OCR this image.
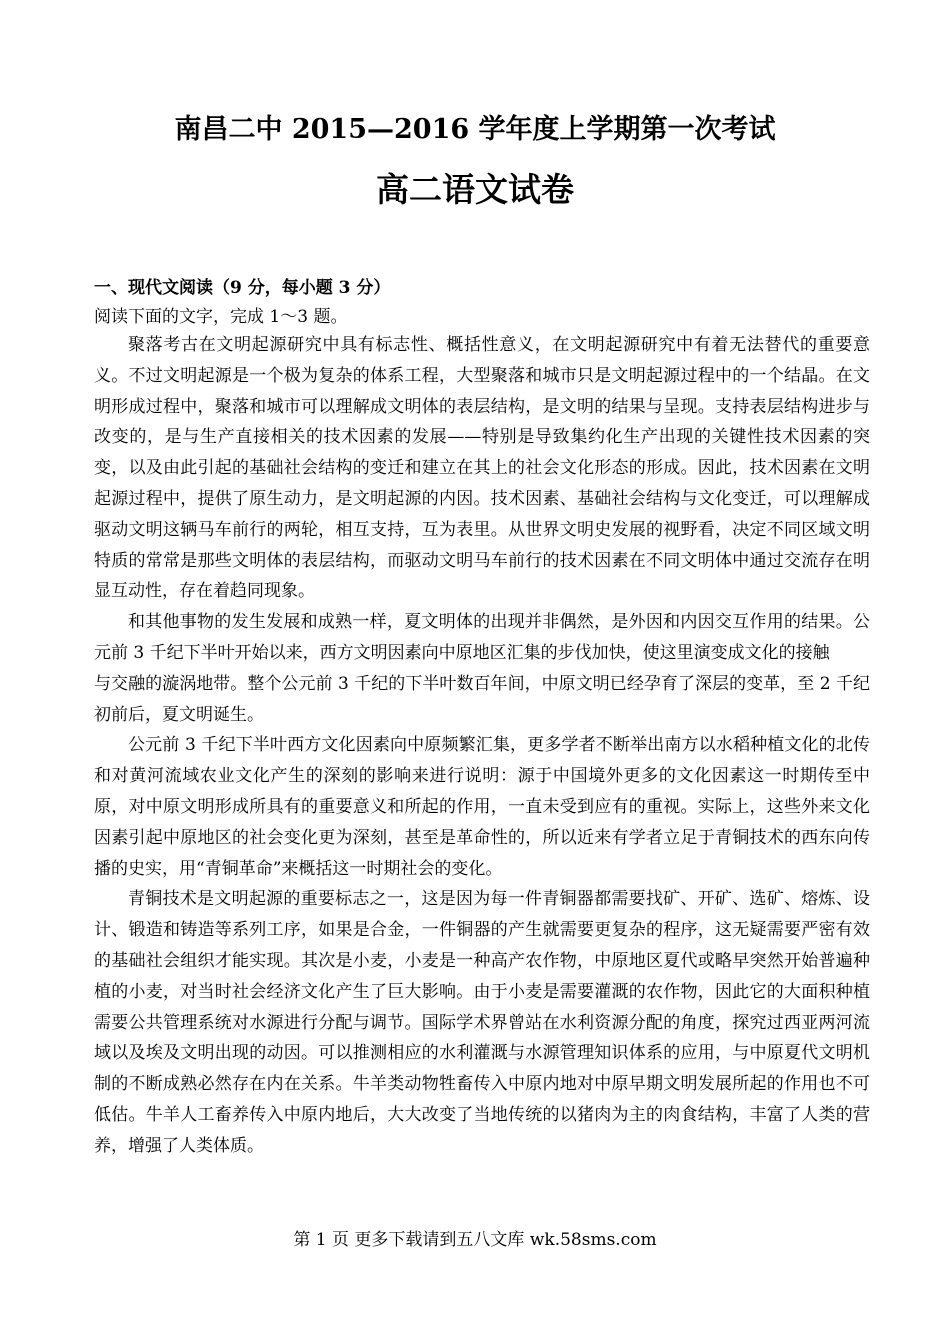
南昌二中 2015—2016 学年度上学期第一次考试
高二语文试卷
一、现代文阅读（9 分，每小题 3 分）
阅读下面的文字，完成 1～3 题。

聚落考古在文明起源研究中具有标志性、概括性意义，在文明起源研究中有着无法替代的重要意义。不过文明起源是一个极为复杂的体系工程，大型聚落和城市只是文明起源过程中的一个结晶。在文明形成过程中，聚落和城市可以理解成文明体的表层结构，是文明的结果与呈现。支持表层结构进步与改变的，是与生产直接相关的技术因素的发展——特别是导致集约化生产出现的关键性技术因素的突变，以及由此引起的基础社会结构的变迁和建立在其上的社会文化形态的形成。因此，技术因素在文明起源过程中，提供了原生动力，是文明起源的内因。技术因素、基础社会结构与文化变迁，可以理解成驱动文明这辆马车前行的两轮，相互支持，互为表里。从世界文明史发展的视野看，决定不同区域文明特质的常常是那些文明体的表层结构，而驱动文明马车前行的技术因素在不同文明体中通过交流存在明显互动性，存在着趋同现象。

和其他事物的发生发展和成熟一样，夏文明体的出现并非偶然，是外因和内因交互作用的结果。公元前 3 千纪下半叶开始以来，西方文明因素向中原地区汇集的步伐加快，使这里演变成文化的接触

与交融的漩涡地带。整个公元前 3 千纪的下半叶数百年间，中原文明已经孕育了深层的变革，至 2 千纪初前后，夏文明诞生。

公元前 3 千纪下半叶西方文化因素向中原频繁汇集，更多学者不断举出南方以水稻种植文化的北传和对黄河流域农业文化产生的深刻的影响来进行说明：源于中国境外更多的文化因素这一时期传至中原，对中原文明形成所具有的重要意义和所起的作用，一直未受到应有的重视。实际上，这些外来文化因素引起中原地区的社会变化更为深刻，甚至是革命性的，所以近来有学者立足于青铜技术的西东向传播的史实，用“青铜革命”来概括这一时期社会的变化。

青铜技术是文明起源的重要标志之一，这是因为每一件青铜器都需要找矿、开矿、选矿、熔炼、设计、锻造和铸造等系列工序，如果是合金，一件铜器的产生就需要更复杂的程序，这无疑需要严密有效的基础社会组织才能实现。其次是小麦，小麦是一种高产农作物，中原地区夏代或略早突然开始普遍种植的小麦，对当时社会经济文化产生了巨大影响。由于小麦是需要灌溉的农作物，因此它的大面积种植需要公共管理系统对水源进行分配与调节。国际学术界曾站在水利资源分配的角度，探究过西亚两河流域以及埃及文明出现的动因。可以推测相应的水利灌溉与水源管理知识体系的应用，与中原夏代文明机制的不断成熟必然存在内在关系。牛羊类动物牲畜传入中原内地对中原早期文明发展所起的作用也不可低估。牛羊人工畜养传入中原内地后，大大改变了当地传统的以猪肉为主的肉食结构，丰富了人类的营养，增强了人类体质。

第 1 页 更多下载请到五八文库 wk.58sms.com
